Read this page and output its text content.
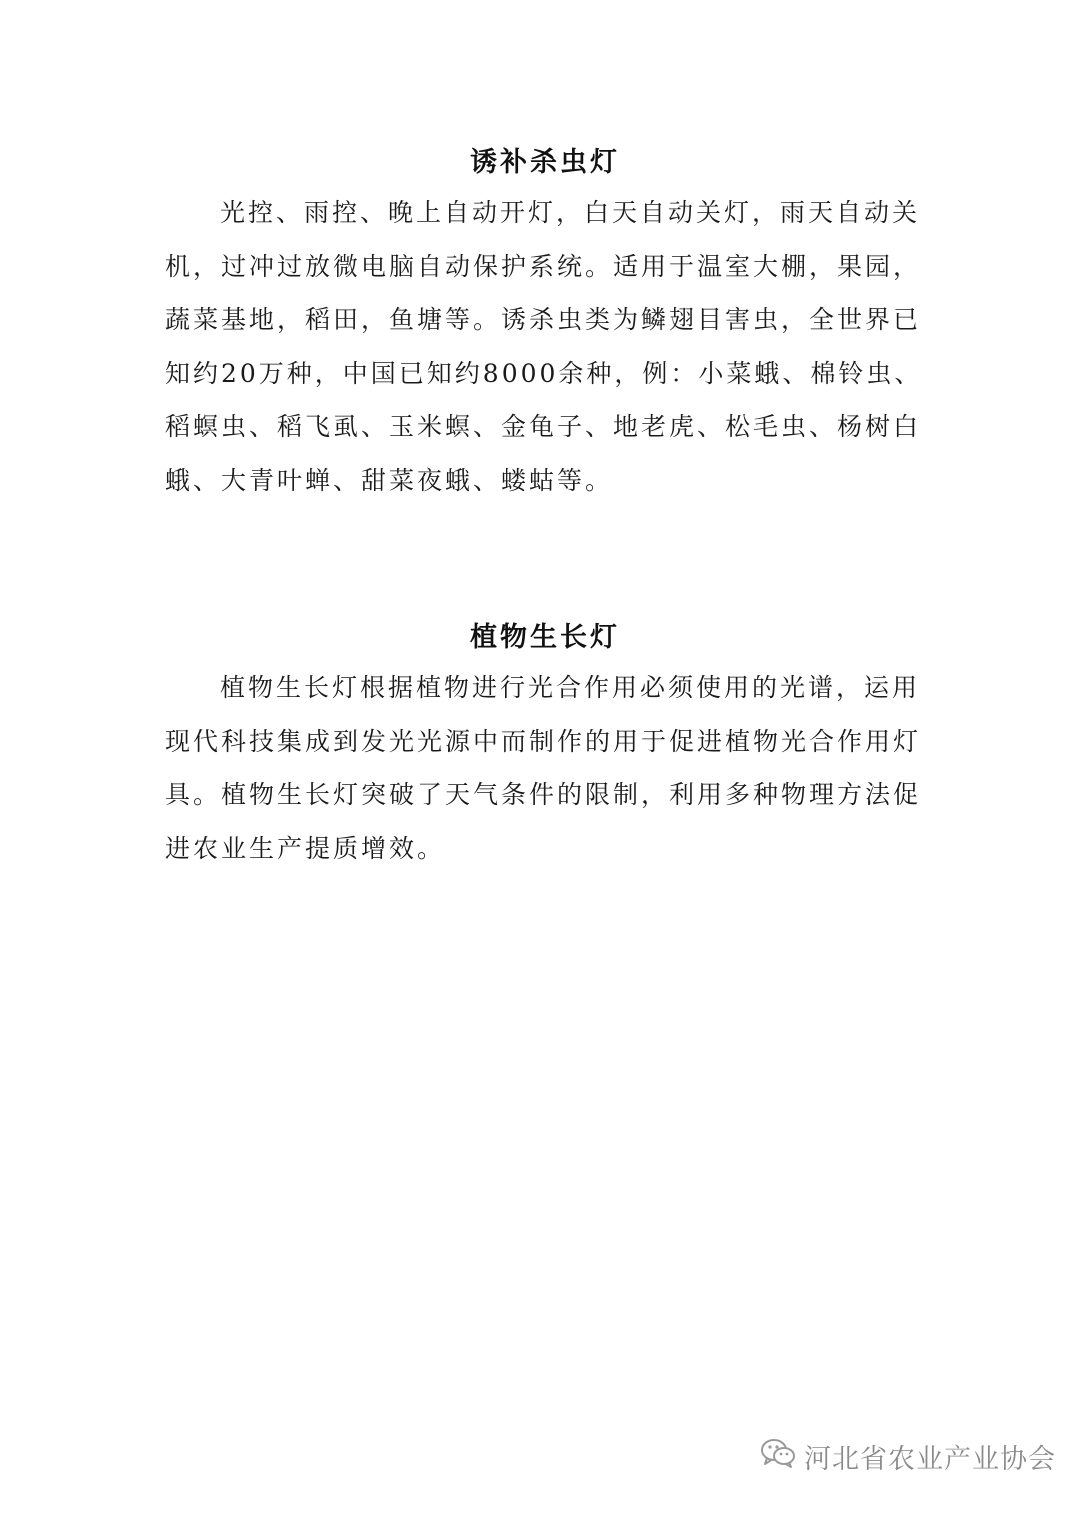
诱补杀虫灯

光控、雨控、晚上自动开灯，白天自动关灯，雨天自动关机，过冲过放微电脑自动保护系统。适用于温室大棚，果园，蔬菜基地，稻田，鱼塘等。诱杀虫类为鳞翅目害虫，全世界已知约20万种，中国已知约8000余种，例：小菜蛾、棉铃虫、稻螟虫、稻飞虱、玉米螟、金龟子、地老虎、松毛虫、杨树白蛾、大青叶蝉、甜菜夜蛾、蝼蛄等。

植物生长灯

植物生长灯根据植物进行光合作用必须使用的光谱，运用现代科技集成到发光光源中而制作的用于促进植物光合作用灯具。植物生长灯突破了天气条件的限制，利用多种物理方法促进农业生产提质增效。

河北省农业产业协会
